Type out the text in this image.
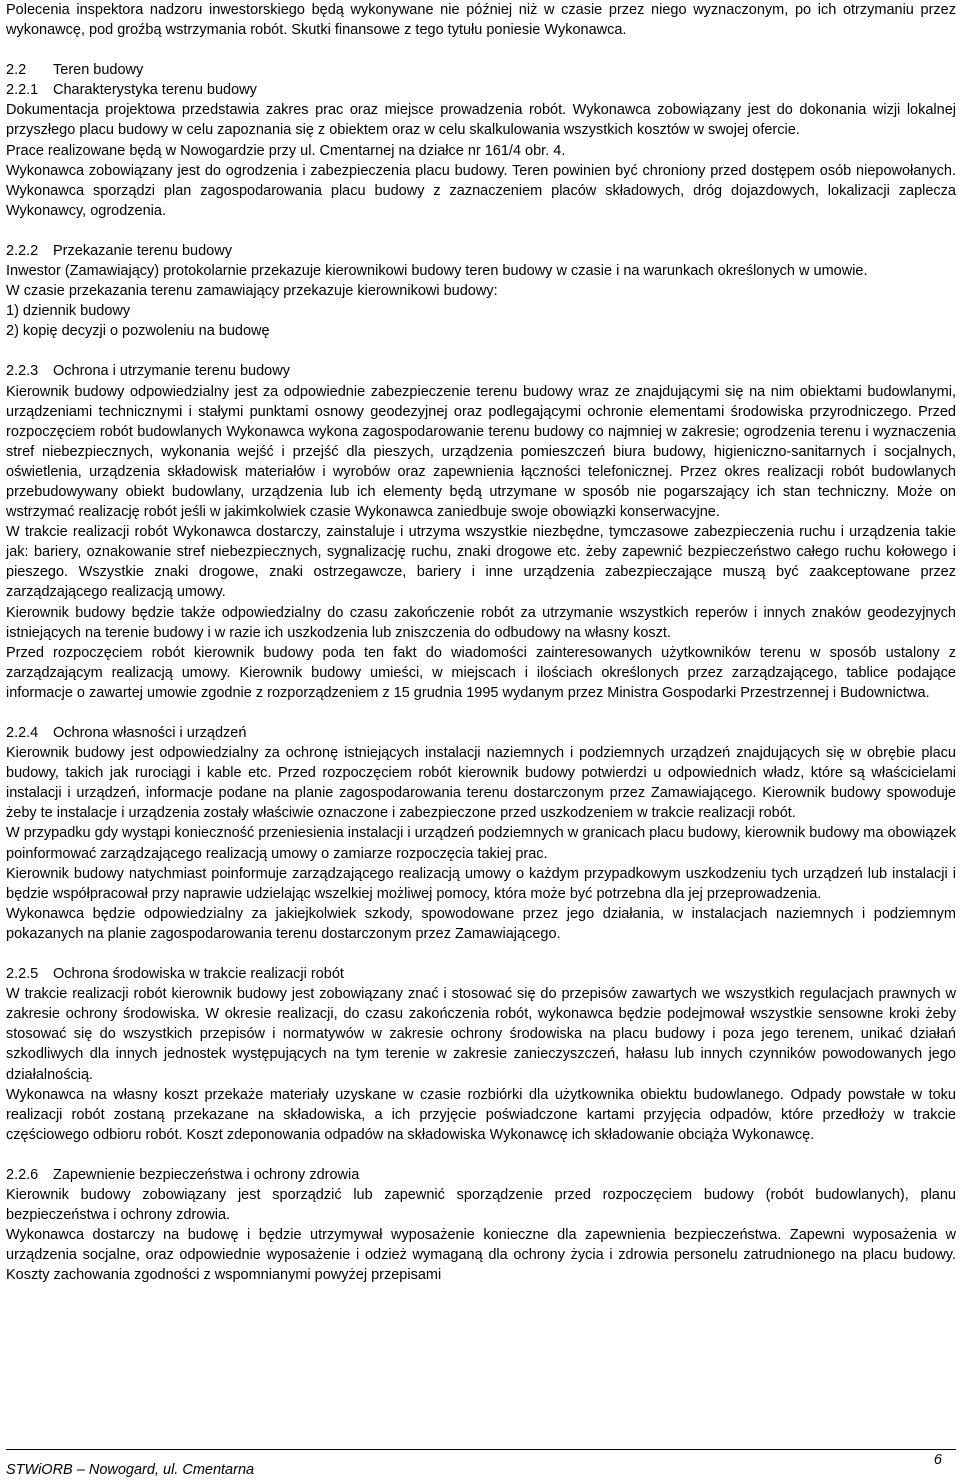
Polecenia inspektora nadzoru inwestorskiego będą wykonywane nie później niż w czasie przez niego wyznaczonym, po ich otrzymaniu przez wykonawcę, pod groźbą wstrzymania robót. Skutki finansowe z tego tytułu poniesie Wykonawca.

2.2 Teren budowy
2.2.1 Charakterystyka terenu budowy

Dokumentacja projektowa przedstawia zakres prac oraz miejsce prowadzenia robót. Wykonawca zobowiązany jest do dokonania wizji lokalnej przyszłego placu budowy w celu zapoznania się z obiektem oraz w celu skalkulowania wszystkich kosztów w swojej ofercie.

Prace realizowane będą w Nowogardzie przy ul. Cmentarnej na działce nr 161/4 obr. 4.

Wykonawca zobowiązany jest do ogrodzenia i zabezpieczenia placu budowy. Teren powinien być chroniony przed dostępem osób niepowołanych. Wykonawca sporządzi plan zagospodarowania placu budowy z zaznaczeniem placów składowych, dróg dojazdowych, lokalizacji zaplecza Wykonawcy, ogrodzenia.

2.2.2 Przekazanie terenu budowy

Inwestor (Zamawiający) protokolarnie przekazuje kierownikowi budowy teren budowy w czasie i na warunkach określonych w umowie.

W czasie przekazania terenu zamawiający przekazuje kierownikowi budowy:

1) dziennik budowy

2) kopię decyzji o pozwoleniu na budowę

2.2.3 Ochrona i utrzymanie terenu budowy

Kierownik budowy odpowiedzialny jest za odpowiednie zabezpieczenie terenu budowy wraz ze znajdującymi się na nim obiektami budowlanymi, urządzeniami technicznymi i stałymi punktami osnowy geodezyjnej oraz podlegającymi ochronie elementami środowiska przyrodniczego. Przed rozpoczęciem robót budowlanych Wykonawca wykona zagospodarowanie terenu budowy co najmniej w zakresie; ogrodzenia terenu i wyznaczenia stref niebezpiecznych, wykonania wejść i przejść dla pieszych, urządzenia pomieszczeń biura budowy, higieniczno-sanitarnych i socjalnych, oświetlenia, urządzenia składowisk materiałów i wyrobów oraz zapewnienia łączności telefonicznej. Przez okres realizacji robót budowlanych przebudowywany obiekt budowlany, urządzenia lub ich elementy będą utrzymane w sposób nie pogarszający ich stan techniczny. Może on wstrzymać realizację robót jeśli w jakimkolwiek czasie Wykonawca zaniedbuje swoje obowiązki konserwacyjne.

W trakcie realizacji robót Wykonawca dostarczy, zainstaluje i utrzyma wszystkie niezbędne, tymczasowe zabezpieczenia ruchu i urządzenia takie jak: bariery, oznakowanie stref niebezpiecznych, sygnalizację ruchu, znaki drogowe etc. żeby zapewnić bezpieczeństwo całego ruchu kołowego i pieszego. Wszystkie znaki drogowe, znaki ostrzegawcze, bariery i inne urządzenia zabezpieczające muszą być zaakceptowane przez zarządzającego realizacją umowy.

Kierownik budowy będzie także odpowiedzialny do czasu zakończenie robót za utrzymanie wszystkich reperów i innych znaków geodezyjnych istniejących na terenie budowy i w razie ich uszkodzenia lub zniszczenia do odbudowy na własny koszt.

Przed rozpoczęciem robót kierownik budowy poda ten fakt do wiadomości zainteresowanych użytkowników terenu w sposób ustalony z zarządzającym realizacją umowy. Kierownik budowy umieści, w miejscach i ilościach określonych przez zarządzającego, tablice podające informacje o zawartej umowie zgodnie z rozporządzeniem z 15 grudnia 1995 wydanym przez Ministra Gospodarki Przestrzennej i Budownictwa.

2.2.4 Ochrona własności i urządzeń

Kierownik budowy jest odpowiedzialny za ochronę istniejących instalacji naziemnych i podziemnych urządzeń znajdujących się w obrębie placu budowy, takich jak rurociągi i kable etc. Przed rozpoczęciem robót kierownik budowy potwierdzi u odpowiednich władz, które są właścicielami instalacji i urządzeń, informacje podane na planie zagospodarowania terenu dostarczonym przez Zamawiającego. Kierownik budowy spowoduje żeby te instalacje i urządzenia zostały właściwie oznaczone i zabezpieczone przed uszkodzeniem w trakcie realizacji robót.

W przypadku gdy wystąpi konieczność przeniesienia instalacji i urządzeń podziemnych w granicach placu budowy, kierownik budowy ma obowiązek poinformować zarządzającego realizacją umowy o zamiarze rozpoczęcia takiej prac.

Kierownik budowy natychmiast poinformuje zarządzającego realizacją umowy o każdym przypadkowym uszkodzeniu tych urządzeń lub instalacji i będzie współpracował przy naprawie udzielając wszelkiej możliwej pomocy, która może być potrzebna dla jej przeprowadzenia.

Wykonawca będzie odpowiedzialny za jakiejkolwiek szkody, spowodowane przez jego działania, w instalacjach naziemnych i podziemnym pokazanych na planie zagospodarowania terenu dostarczonym przez Zamawiającego.

2.2.5 Ochrona środowiska w trakcie realizacji robót

W trakcie realizacji robót kierownik budowy jest zobowiązany znać i stosować się do przepisów zawartych we wszystkich regulacjach prawnych w zakresie ochrony środowiska. W okresie realizacji, do czasu zakończenia robót, wykonawca będzie podejmował wszystkie sensowne kroki żeby stosować się do wszystkich przepisów i normatywów w zakresie ochrony środowiska na placu budowy i poza jego terenem, unikać działań szkodliwych dla innych jednostek występujących na tym terenie w zakresie zanieczyszczeń, hałasu lub innych czynników powodowanych jego działalnością.

Wykonawca na własny koszt przekaże materiały uzyskane w czasie rozbiórki dla użytkownika obiektu budowlanego. Odpady powstałe w toku realizacji robót zostaną przekazane na składowiska, a ich przyjęcie poświadczone kartami przyjęcia odpadów, które przedłoży w trakcie częściowego odbioru robót. Koszt zdeponowania odpadów na składowiska Wykonawcę ich składowanie obciąża Wykonawcę.

2.2.6 Zapewnienie bezpieczeństwa i ochrony zdrowia

Kierownik budowy zobowiązany jest sporządzić lub zapewnić sporządzenie przed rozpoczęciem budowy (robót budowlanych), planu bezpieczeństwa i ochrony zdrowia.

Wykonawca dostarczy na budowę i będzie utrzymywał wyposażenie konieczne dla zapewnienia bezpieczeństwa. Zapewni wyposażenia w urządzenia socjalne, oraz odpowiednie wyposażenie i odzież wymaganą dla ochrony życia i zdrowia personelu zatrudnionego na placu budowy. Koszty zachowania zgodności z wspomnianymi powyżej przepisami

STWiORB – Nowogard, ul. Cmentarna
6
